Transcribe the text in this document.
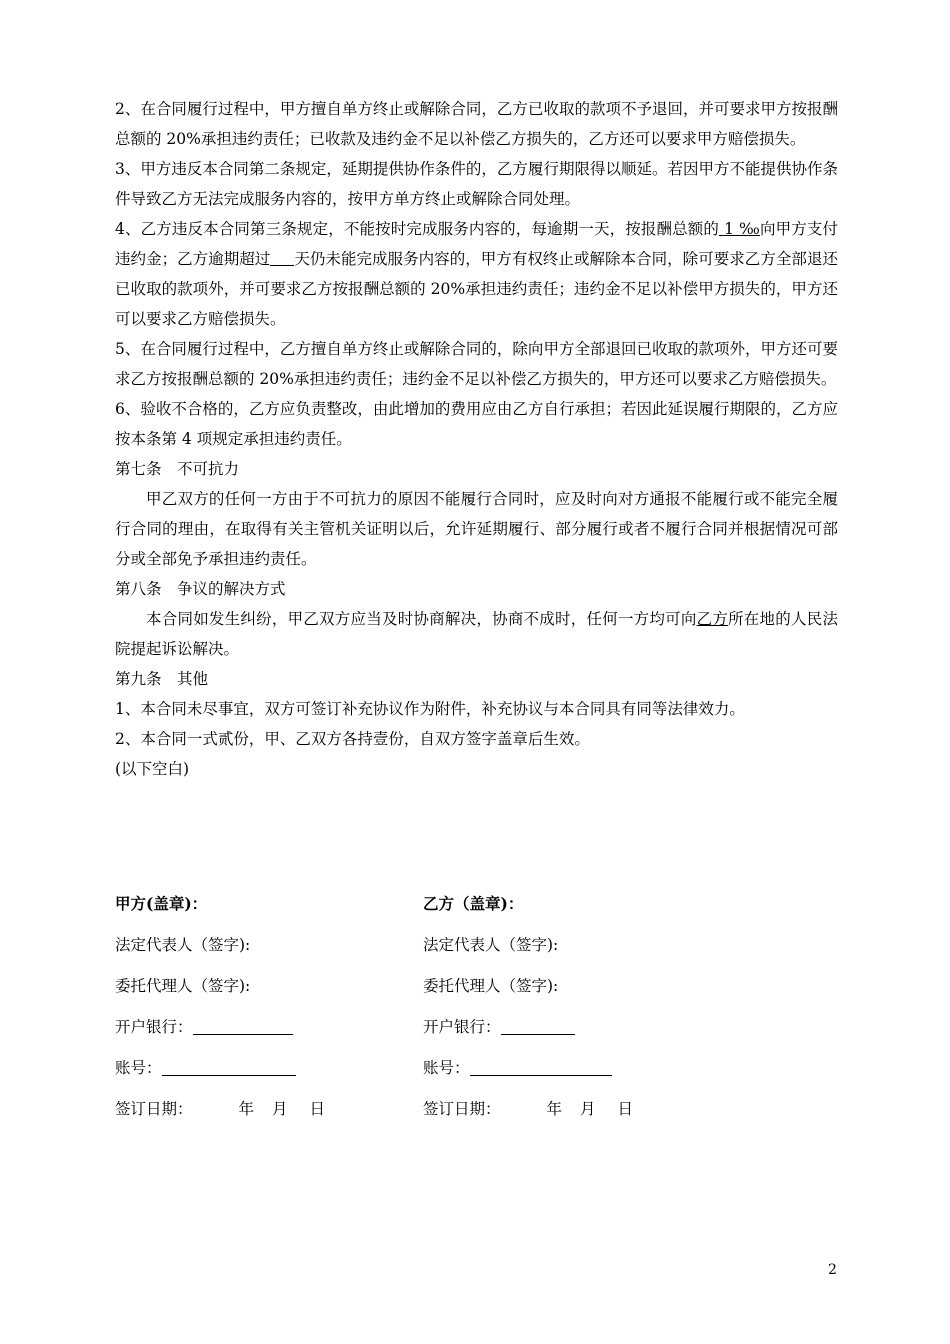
2、在合同履行过程中，甲方擅自单方终止或解除合同，乙方已收取的款项不予退回，并可要求甲方按报酬总额的 20%承担违约责任；已收款及违约金不足以补偿乙方损失的，乙方还可以要求甲方赔偿损失。

3、甲方违反本合同第二条规定，延期提供协作条件的，乙方履行期限得以顺延。若因甲方不能提供协作条件导致乙方无法完成服务内容的，按甲方单方终止或解除合同处理。

4、乙方违反本合同第三条规定，不能按时完成服务内容的，每逾期一天，按报酬总额的 1 ‰向甲方支付违约金；乙方逾期超过 天仍未能完成服务内容的，甲方有权终止或解除本合同，除可要求乙方全部退还已收取的款项外，并可要求乙方按报酬总额的 20%承担违约责任；违约金不足以补偿甲方损失的，甲方还可以要求乙方赔偿损失。

5、在合同履行过程中，乙方擅自单方终止或解除合同的，除向甲方全部退回已收取的款项外，甲方还可要求乙方按报酬总额的 20%承担违约责任；违约金不足以补偿乙方损失的，甲方还可以要求乙方赔偿损失。

6、验收不合格的，乙方应负责整改，由此增加的费用应由乙方自行承担；若因此延误履行期限的，乙方应按本条第 4 项规定承担违约责任。

第七条　不可抗力

甲乙双方的任何一方由于不可抗力的原因不能履行合同时，应及时向对方通报不能履行或不能完全履行合同的理由，在取得有关主管机关证明以后，允许延期履行、部分履行或者不履行合同并根据情况可部分或全部免予承担违约责任。

第八条　争议的解决方式

本合同如发生纠纷，甲乙双方应当及时协商解决，协商不成时，任何一方均可向乙方所在地的人民法院提起诉讼解决。

第九条　其他

1、本合同未尽事宜，双方可签订补充协议作为附件，补充协议与本合同具有同等法律效力。

2、本合同一式贰份，甲、乙双方各持壹份，自双方签字盖章后生效。

(以下空白)

甲方(盖章)：	乙方（盖章)：
法定代表人（签字):	法定代表人（签字):
委托代理人（签字):	委托代理人（签字):
开户银行：	开户银行：
账号：	账号：
签订日期：	年 月 日	签订日期：	年 月 日
2
